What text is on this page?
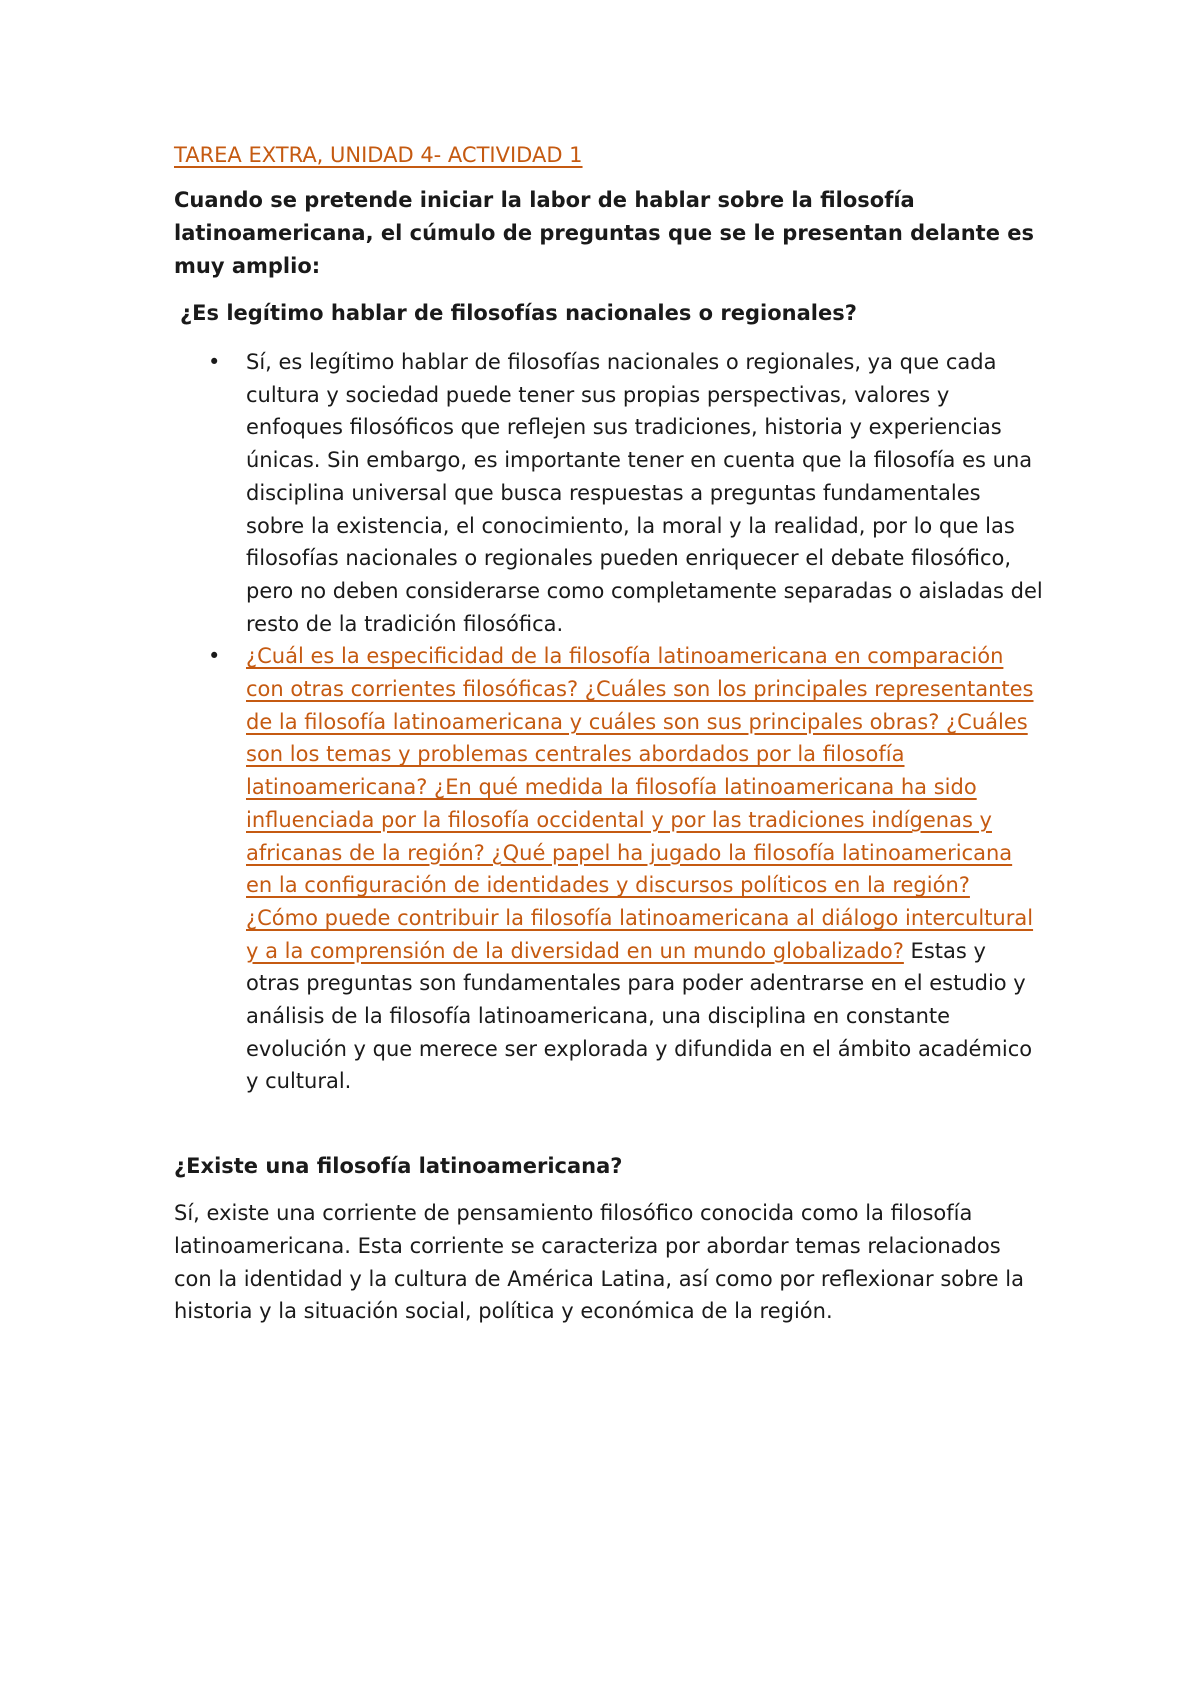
TAREA EXTRA, UNIDAD 4- ACTIVIDAD 1

Cuando se pretende iniciar la labor de hablar sobre la filosofía latinoamericana, el cúmulo de preguntas que se le presentan delante es muy amplio:

¿Es legítimo hablar de filosofías nacionales o regionales?

• Sí, es legítimo hablar de filosofías nacionales o regionales, ya que cada cultura y sociedad puede tener sus propias perspectivas, valores y enfoques filosóficos que reflejen sus tradiciones, historia y experiencias únicas. Sin embargo, es importante tener en cuenta que la filosofía es una disciplina universal que busca respuestas a preguntas fundamentales sobre la existencia, el conocimiento, la moral y la realidad, por lo que las filosofías nacionales o regionales pueden enriquecer el debate filosófico, pero no deben considerarse como completamente separadas o aisladas del resto de la tradición filosófica.
• ¿Cuál es la especificidad de la filosofía latinoamericana en comparación con otras corrientes filosóficas? ¿Cuáles son los principales representantes de la filosofía latinoamericana y cuáles son sus principales obras? ¿Cuáles son los temas y problemas centrales abordados por la filosofía latinoamericana? ¿En qué medida la filosofía latinoamericana ha sido influenciada por la filosofía occidental y por las tradiciones indígenas y africanas de la región? ¿Qué papel ha jugado la filosofía latinoamericana en la configuración de identidades y discursos políticos en la región? ¿Cómo puede contribuir la filosofía latinoamericana al diálogo intercultural y a la comprensión de la diversidad en un mundo globalizado? Estas y otras preguntas son fundamentales para poder adentrarse en el estudio y análisis de la filosofía latinoamericana, una disciplina en constante evolución y que merece ser explorada y difundida en el ámbito académico y cultural.

¿Existe una filosofía latinoamericana?

Sí, existe una corriente de pensamiento filosófico conocida como la filosofía latinoamericana. Esta corriente se caracteriza por abordar temas relacionados con la identidad y la cultura de América Latina, así como por reflexionar sobre la historia y la situación social, política y económica de la región.
